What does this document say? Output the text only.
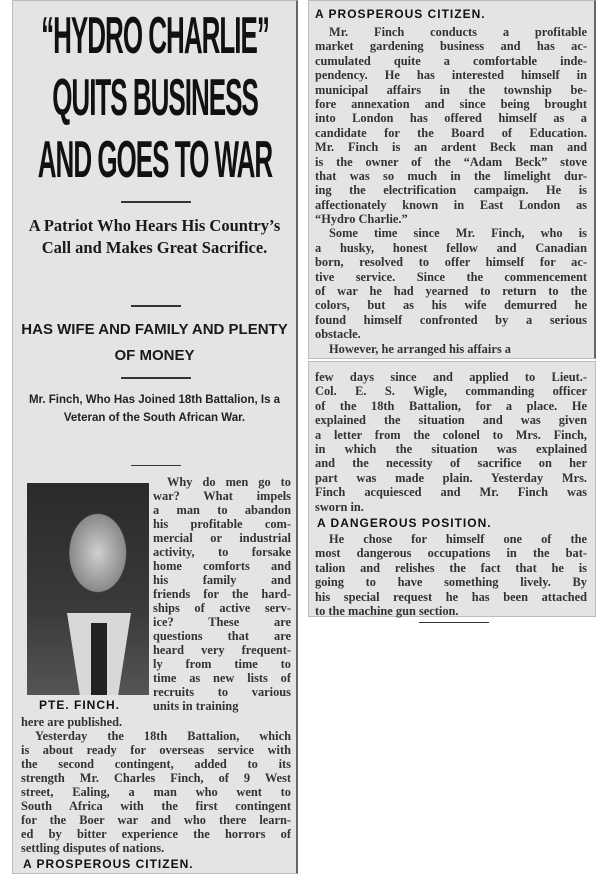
“HYDRO CHARLIE”
QUITS BUSINESS
AND GOES TO WAR
A Patriot Who Hears His Country’s Call and Makes Great Sacrifice.
HAS WIFE AND FAMILY AND PLENTY OF MONEY
Mr. Finch, Who Has Joined 18th Battalion, Is a Veteran of the South African War.
PTE. FINCH.
Why do men go to
war? What impels
a man to abandon
his profitable com-
mercial or industrial
activity, to forsake
home comforts and
his family and
friends for the hard-
ships of active serv-
ice? These are
questions that are
heard very frequent-
ly from time to
time as new lists of
recruits to various
units in training
here are published.
Yesterday the 18th Battalion, which
is about ready for overseas service with
the second contingent, added to its
strength Mr. Charles Finch, of 9 West
street, Ealing, a man who went to
South Africa with the first contingent
for the Boer war and who there learn-
ed by bitter experience the horrors of
settling disputes of nations.
A PROSPEROUS CITIZEN.
A PROSPEROUS CITIZEN.
Mr. Finch conducts a profitable
market gardening business and has ac-
cumulated quite a comfortable inde-
pendency. He has interested himself in
municipal affairs in the township be-
fore annexation and since being brought
into London has offered himself as a
candidate for the Board of Education.
Mr. Finch is an ardent Beck man and
is the owner of the “Adam Beck” stove
that was so much in the limelight dur-
ing the electrification campaign. He is
affectionately known in East London as
“Hydro Charlie.”
Some time since Mr. Finch, who is
a husky, honest fellow and Canadian
born, resolved to offer himself for ac-
tive service. Since the commencement
of war he had yearned to return to the
colors, but as his wife demurred he
found himself confronted by a serious
obstacle.
However, he arranged his affairs a
few days since and applied to Lieut.-
Col. E. S. Wigle, commanding officer
of the 18th Battalion, for a place. He
explained the situation and was given
a letter from the colonel to Mrs. Finch,
in which the situation was explained
and the necessity of sacrifice on her
part was made plain. Yesterday Mrs.
Finch acquiesced and Mr. Finch was
sworn in.
A DANGEROUS POSITION.
He chose for himself one of the
most dangerous occupations in the bat-
talion and relishes the fact that he is
going to have something lively. By
his special request he has been attached
to the machine gun section.
